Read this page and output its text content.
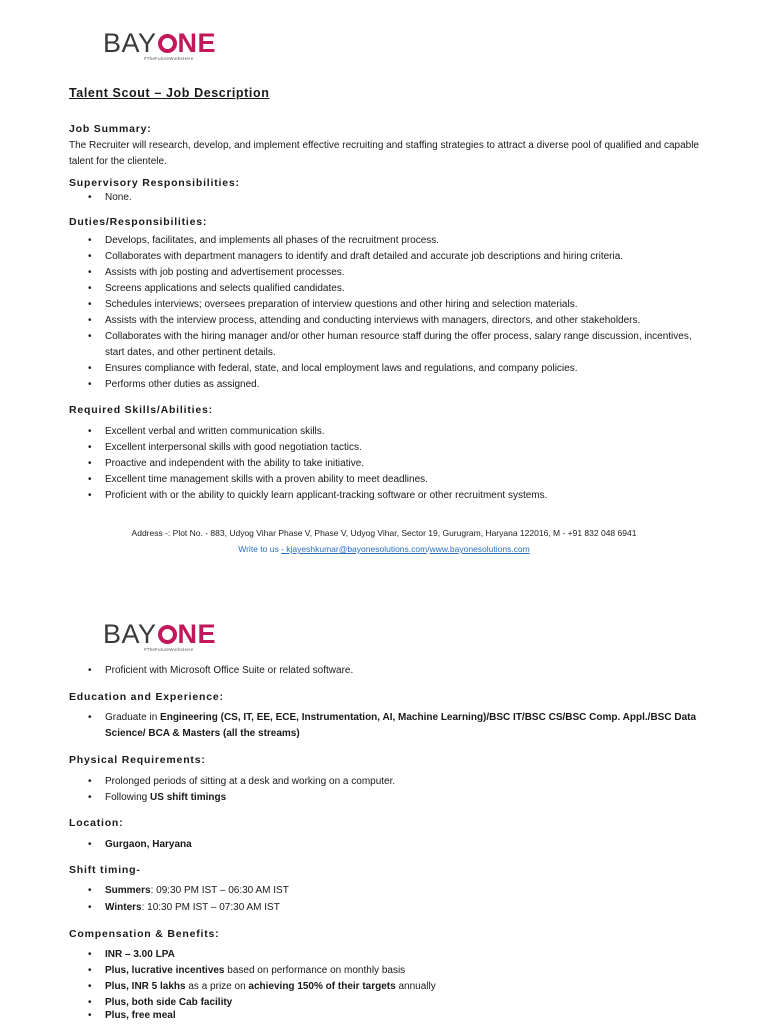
BAY NE
#TheFutureWorksHere
Talent Scout – Job Description
Job Summary:
The Recruiter will research, develop, and implement effective recruiting and staffing strategies to attract a diverse pool of qualified and capable talent for the clientele.
Supervisory Responsibilities:
• None.
Duties/Responsibilities:
• Develops, facilitates, and implements all phases of the recruitment process.
• Collaborates with department managers to identify and draft detailed and accurate job descriptions and hiring criteria.
• Assists with job posting and advertisement processes.
• Screens applications and selects qualified candidates.
• Schedules interviews; oversees preparation of interview questions and other hiring and selection materials.
• Assists with the interview process, attending and conducting interviews with managers, directors, and other stakeholders.
• Collaborates with the hiring manager and/or other human resource staff during the offer process, salary range discussion, incentives, start dates, and other pertinent details.
• Ensures compliance with federal, state, and local employment laws and regulations, and company policies.
• Performs other duties as assigned.
Required Skills/Abilities:
• Excellent verbal and written communication skills.
• Excellent interpersonal skills with good negotiation tactics.
• Proactive and independent with the ability to take initiative.
• Excellent time management skills with a proven ability to meet deadlines.
• Proficient with or the ability to quickly learn applicant-tracking software or other recruitment systems.
Address -: Plot No. - 883, Udyog Vihar Phase V, Phase V, Udyog Vihar, Sector 19, Gurugram, Haryana 122016, M - +91 832 048 6941
Write to us - kjayeshkumar@bayonesolutions.com/www.bayonesolutions.com
BAY NE
#TheFutureWorksHere
• Proficient with Microsoft Office Suite or related software.
Education and Experience:
• Graduate in Engineering (CS, IT, EE, ECE, Instrumentation, AI, Machine Learning)/BSC IT/BSC CS/BSC Comp. Appl./BSC Data Science/ BCA & Masters (all the streams)
Physical Requirements:
• Prolonged periods of sitting at a desk and working on a computer.
• Following US shift timings
Location:
• Gurgaon, Haryana
Shift timing-
• Summers: 09:30 PM IST – 06:30 AM IST
• Winters: 10:30 PM IST – 07:30 AM IST
Compensation & Benefits:
• INR – 3.00 LPA
• Plus, lucrative incentives based on performance on monthly basis
• Plus, INR 5 lakhs as a prize on achieving 150% of their targets annually
• Plus, both side Cab facility
• Plus, free meal
